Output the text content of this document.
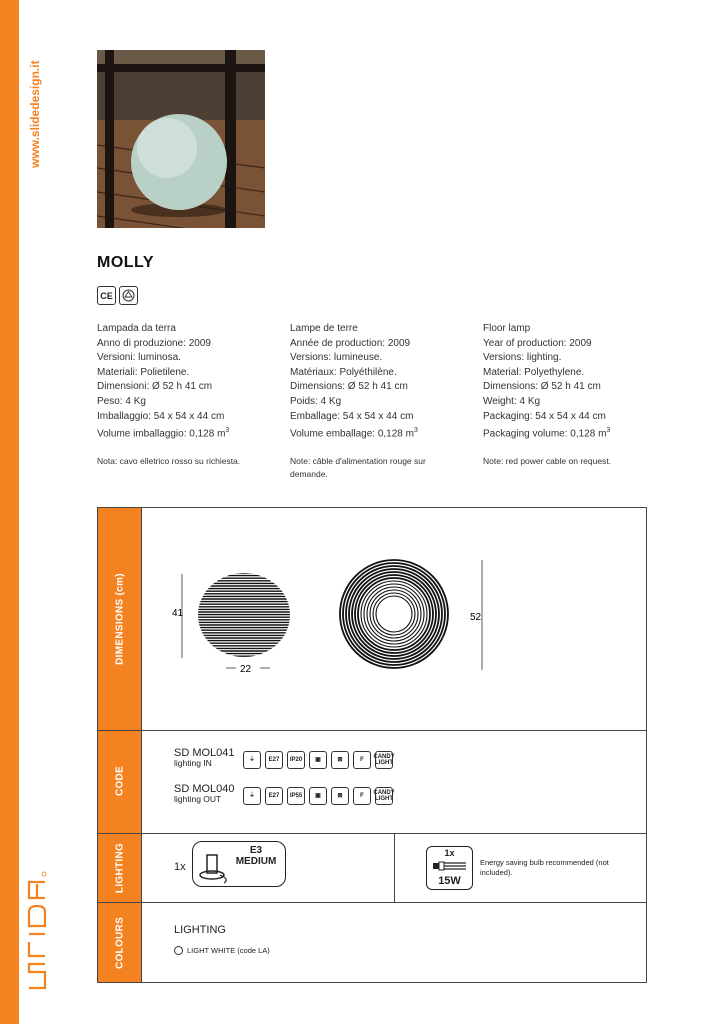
www.slidedesign.it
MOLLY
CE
Lampada da terra
Anno di produzione: 2009
Versioni: luminosa.
Materiali: Polietilene.
Dimensioni: Ø 52 h 41 cm
Peso: 4 Kg
Imballaggio: 54 x 54 x 44 cm
Volume imballaggio: 0,128 $m^3$
Nota: cavo elletrico rosso su richiesta.
Lampe de terre
Année de production: 2009
Versions: lumineuse.
Matériaux: Polyéthilène.
Dimensions: Ø 52 h 41 cm
Poids: 4 Kg
Emballage: 54 x 54 x 44 cm
Volume emballage: 0,128 $m^3$
Note: câble d'alimentation rouge sur demande.
Floor lamp
Year of production: 2009
Versions: lighting.
Material: Polyethylene.
Dimensions: Ø 52 h 41 cm
Weight: 4 Kg
Packaging: 54 x 54 x 44 cm
Packaging volume: 0,128 $m^3$
Note: red power cable on request.
DIMENSIONS (cm)
CODE
LIGHTING
COLOURS
41
22
52
SD MOL041
lighting IN	⏚	E27	IP20	▣	⊠	F	CANDY LIGHT
SD MOL040
lighting OUT	⏚	E27	IP55	▣	⊠	F	CANDY LIGHT
1x
E3
MEDIUM
1x
15W
Energy saving bulb recommended (not included).
LIGHTING
LIGHT WHITE (code LA)
